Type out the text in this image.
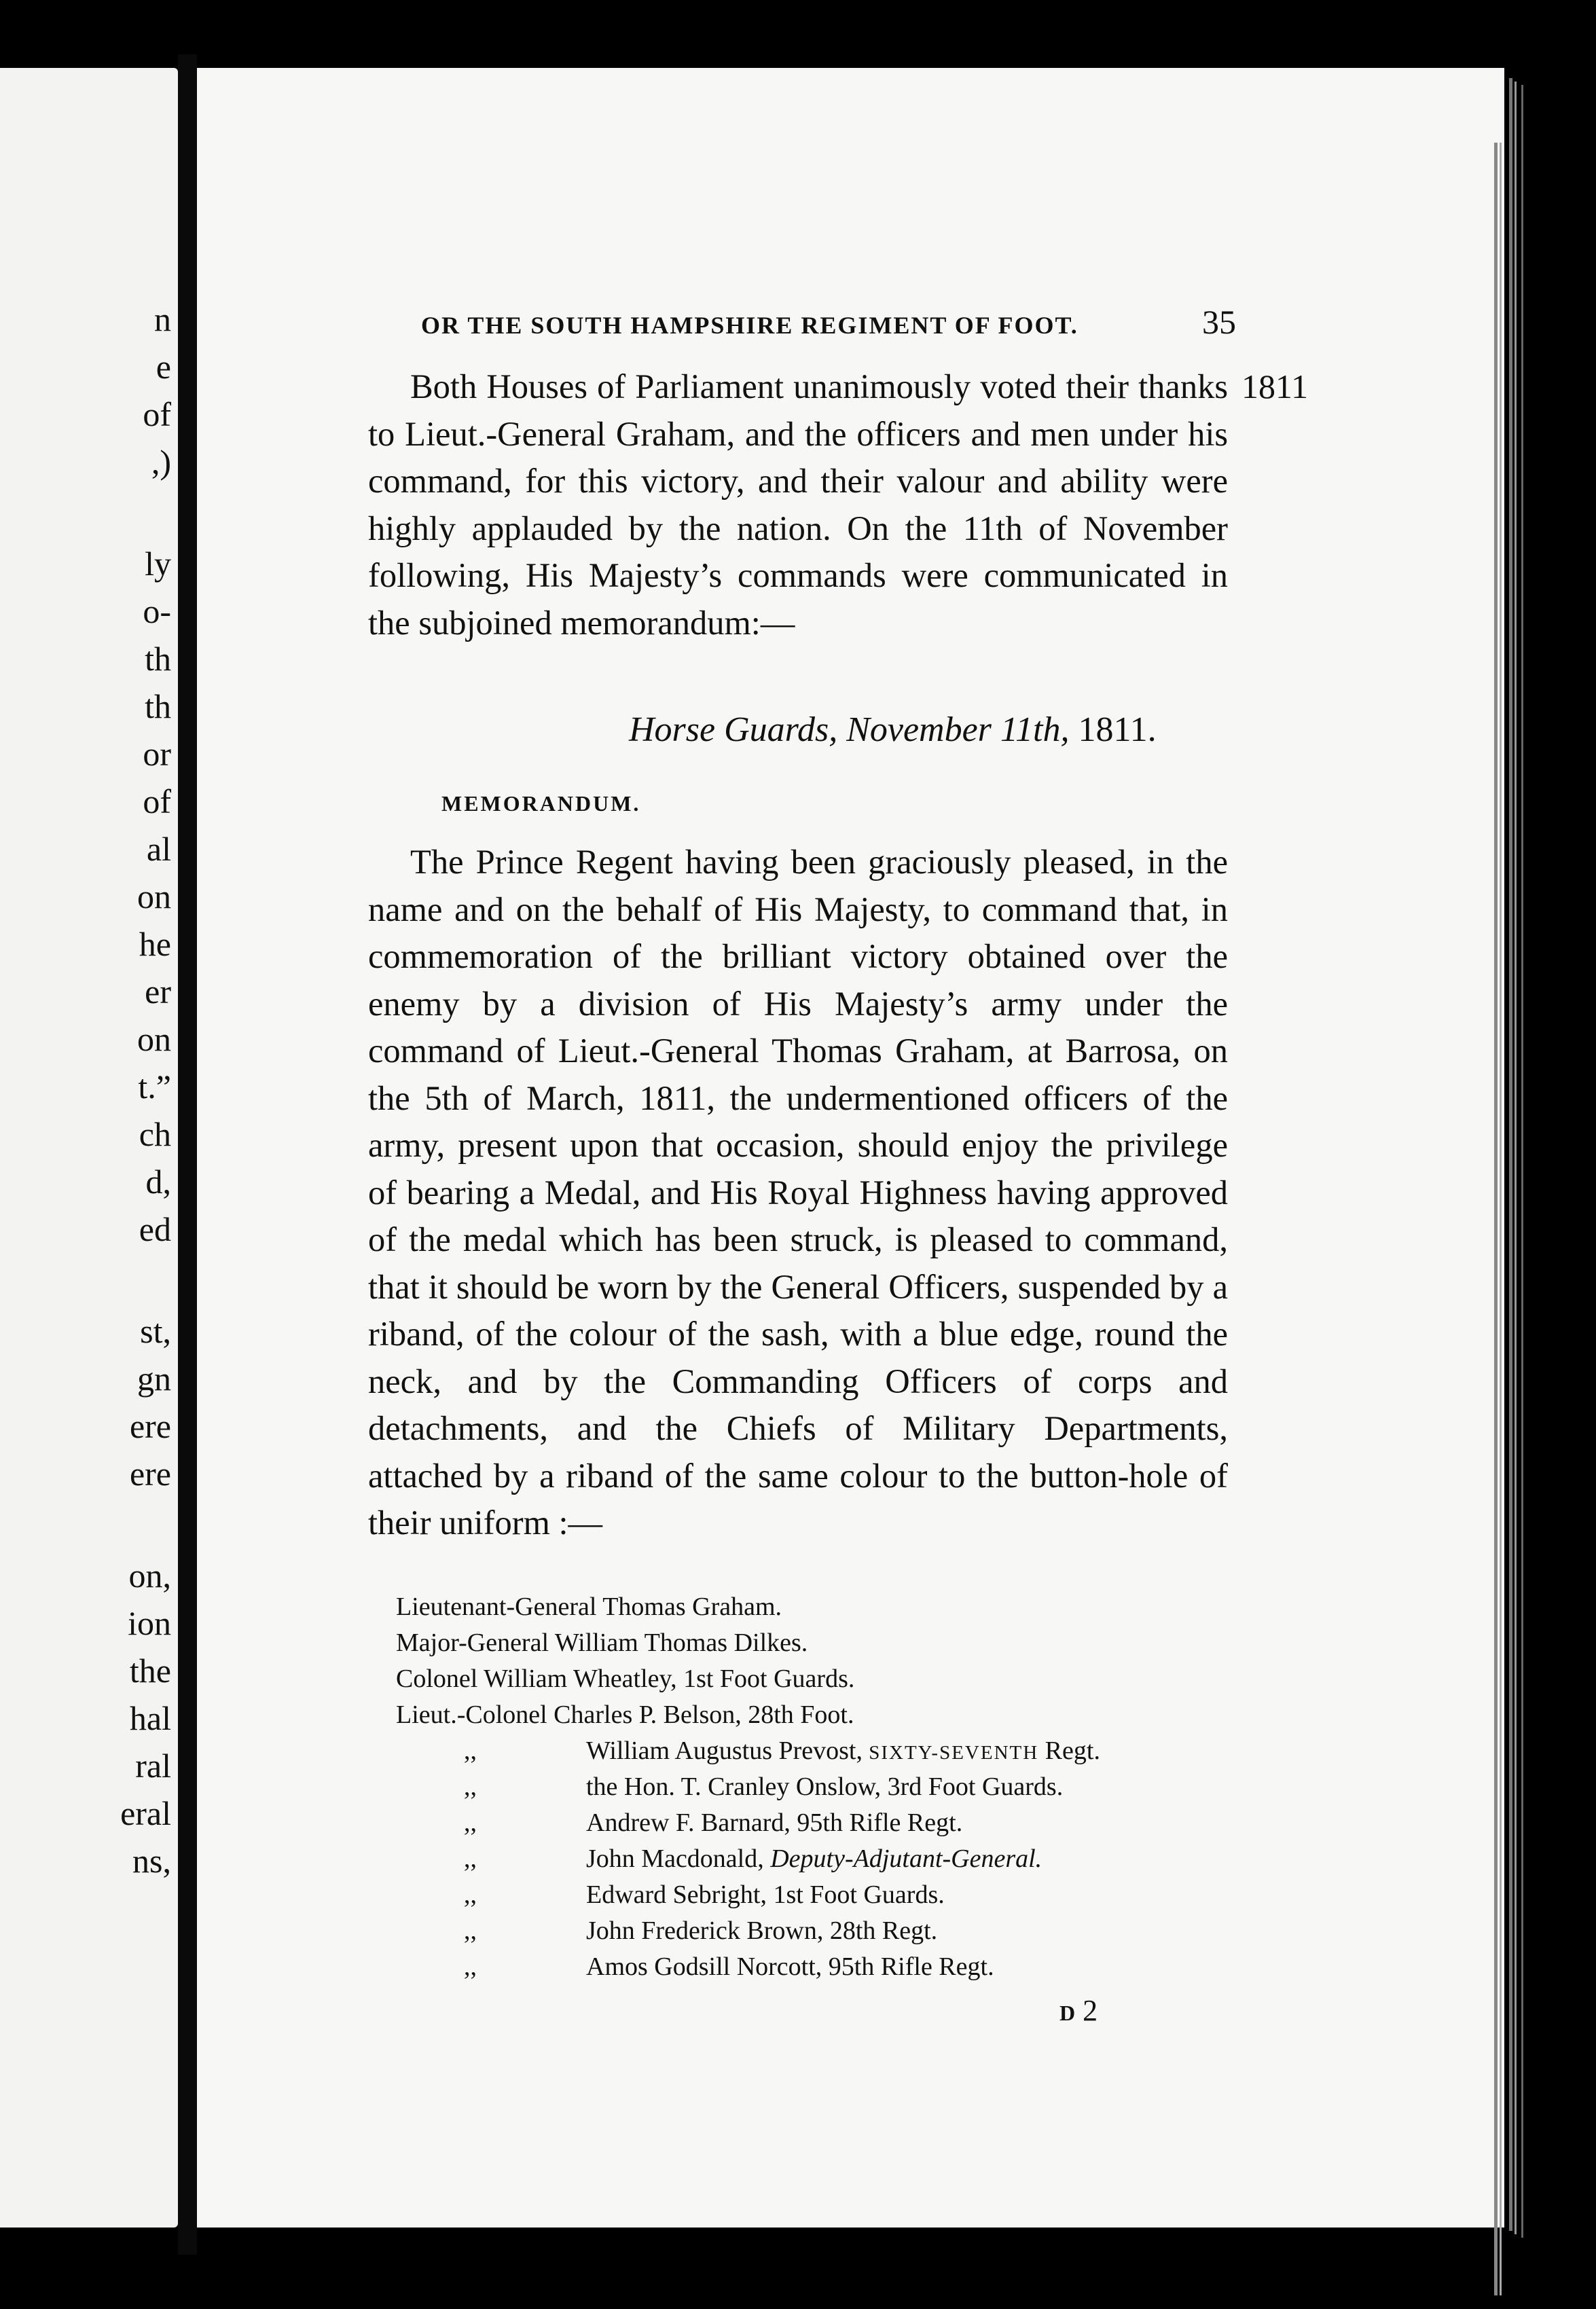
n
e
of
,)
ly
o-
th
th
or
of
al
on
he
er
on
t.”
ch
d,
ed
st,
gn
ere
ere
on,
ion
the
hal
ral
eral
ns,
OR THE SOUTH HAMPSHIRE REGIMENT OF FOOT.	35
1811

Both Houses of Parliament unanimously voted their thanks to Lieut.-General Graham, and the officers and men under his command, for this victory, and their valour and ability were highly applauded by the nation. On the 11th of November following, His Majesty’s commands were communicated in the subjoined memorandum:—

Horse Guards, November 11th, 1811.
MEMORANDUM.

The Prince Regent having been graciously pleased, in the name and on the behalf of His Majesty, to command that, in commemoration of the brilliant victory obtained over the enemy by a division of His Majesty’s army under the command of Lieut.-General Thomas Graham, at Barrosa, on the 5th of March, 1811, the undermentioned officers of the army, present upon that occasion, should enjoy the privilege of bearing a Medal, and His Royal Highness having approved of the medal which has been struck, is pleased to command, that it should be worn by the General Officers, suspended by a riband, of the colour of the sash, with a blue edge, round the neck, and by the Commanding Officers of corps and detachments, and the Chiefs of Military Departments, attached by a riband of the same colour to the button-hole of their uniform :—

Lieutenant-General Thomas Graham.
Major-General William Thomas Dilkes.
Colonel William Wheatley, 1st Foot Guards.
Lieut.-Colonel Charles P. Belson, 28th Foot.
,,	William Augustus Prevost, SIXTY-SEVENTH Regt.
,,	the Hon. T. Cranley Onslow, 3rd Foot Guards.
,,	Andrew F. Barnard, 95th Rifle Regt.
,,	John Macdonald, Deputy-Adjutant-General.
,,	Edward Sebright, 1st Foot Guards.
,,	John Frederick Brown, 28th Regt.
,,	Amos Godsill Norcott, 95th Rifle Regt.
D 2
